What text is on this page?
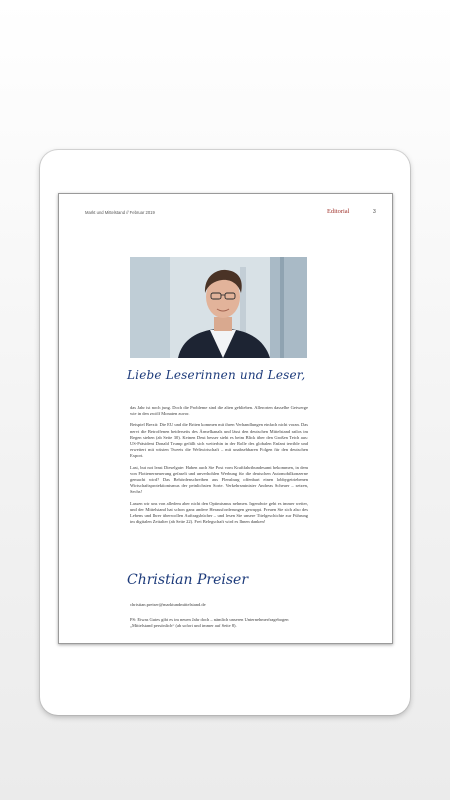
Markt und Mittelstand // Februar 2019	Editorial	3
Liebe Leserinnen und Leser,

das Jahr ist noch jung. Doch die Probleme sind die alten geblieben. Allerorten dasselbe Getwerge wie in den zwölf Monaten zuvor.

Beispiel Brexit: Die EU und die Briten kommen mit ihren Verhandlungen einfach nicht voran. Das nervt die Betroffenen beiderseits des Ärmelkanals und lässt den deutschen Mittelstand ratlos im Regen stehen (ab Seite 30). Keinen Deut besser sieht es beim Blick über den Großen Teich aus: US-Präsident Donald Trump gefällt sich weiterhin in der Rolle des globalen Enfant terrible und erweitert mit wüsten Tweets die Weltwirtschaft – mit unabsehbaren Folgen für den deutschen Export.

Last, but not least Dieselgate: Haben auch Sie Post vom Kraftfahrtbundesamt bekommen, in dem von Flottenerneuerung gefaselt und unverhohlen Werbung für die deutschen Automobilkonzerne gemacht wird? Das Behördenschreiben aus Flensburg offenbart einen lobbygetriebenen Wirtschaftsprotektionismus der peinlichsten Sorte. Verkehrsminister Andreas Scheuer – setzen, Sechs!

Lassen wir uns von alledem aber nicht den Optimismus nehmen. Irgendwie geht es immer weiter, und der Mittelstand hat schon ganz andere Herausforderungen gewuppt. Freuen Sie sich also des Lebens und Ihrer überwollen Auftragsbücher – und lesen Sie unsere Titelgeschichte zur Führung im digitalen Zeitalter (ab Seite 22). Frei Belegschaft wird es Ihnen danken!

Christian Preiser
christian.preiser@marktundmittelstand.de
PS: Etwas Gutes gibt es im neuen Jahr doch – nämlich unseren Unternehmerfragebogen „Mittelstand persönlich“ (ab sofort und immer auf Seite 8).
